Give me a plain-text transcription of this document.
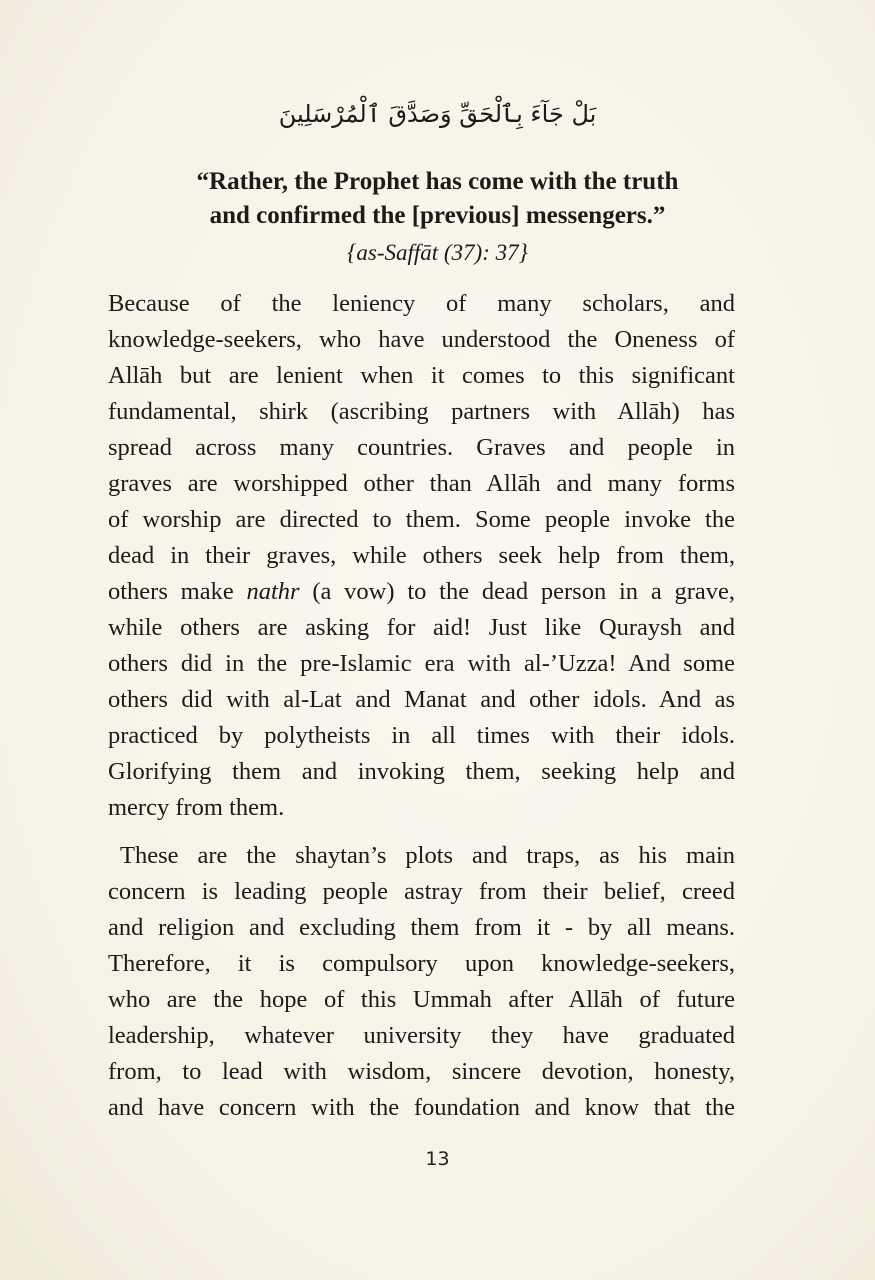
بَلْ جَآءَ بِٱلْحَقِّ وَصَدَّقَ ٱلْمُرْسَلِينَ
“Rather, the Prophet has come with the truth
and confirmed the [previous] messengers.”
{as-Saffāt (37): 37}
Because of the leniency of many scholars, and
knowledge-seekers, who have understood the Oneness of
Allāh but are lenient when it comes to this significant
fundamental, shirk (ascribing partners with Allāh) has
spread across many countries. Graves and people in
graves are worshipped other than Allāh and many forms
of worship are directed to them. Some people invoke the
dead in their graves, while others seek help from them,
others make nathr (a vow) to the dead person in a grave,
while others are asking for aid! Just like Quraysh and
others did in the pre-Islamic era with al-’Uzza! And some
others did with al-Lat and Manat and other idols. And as
practiced by polytheists in all times with their idols.
Glorifying them and invoking them, seeking help and
mercy from them.
These are the shaytan’s plots and traps, as his main
concern is leading people astray from their belief, creed
and religion and excluding them from it - by all means.
Therefore, it is compulsory upon knowledge-seekers,
who are the hope of this Ummah after Allāh of future
leadership, whatever university they have graduated
from, to lead with wisdom, sincere devotion, honesty,
and have concern with the foundation and know that the
13
